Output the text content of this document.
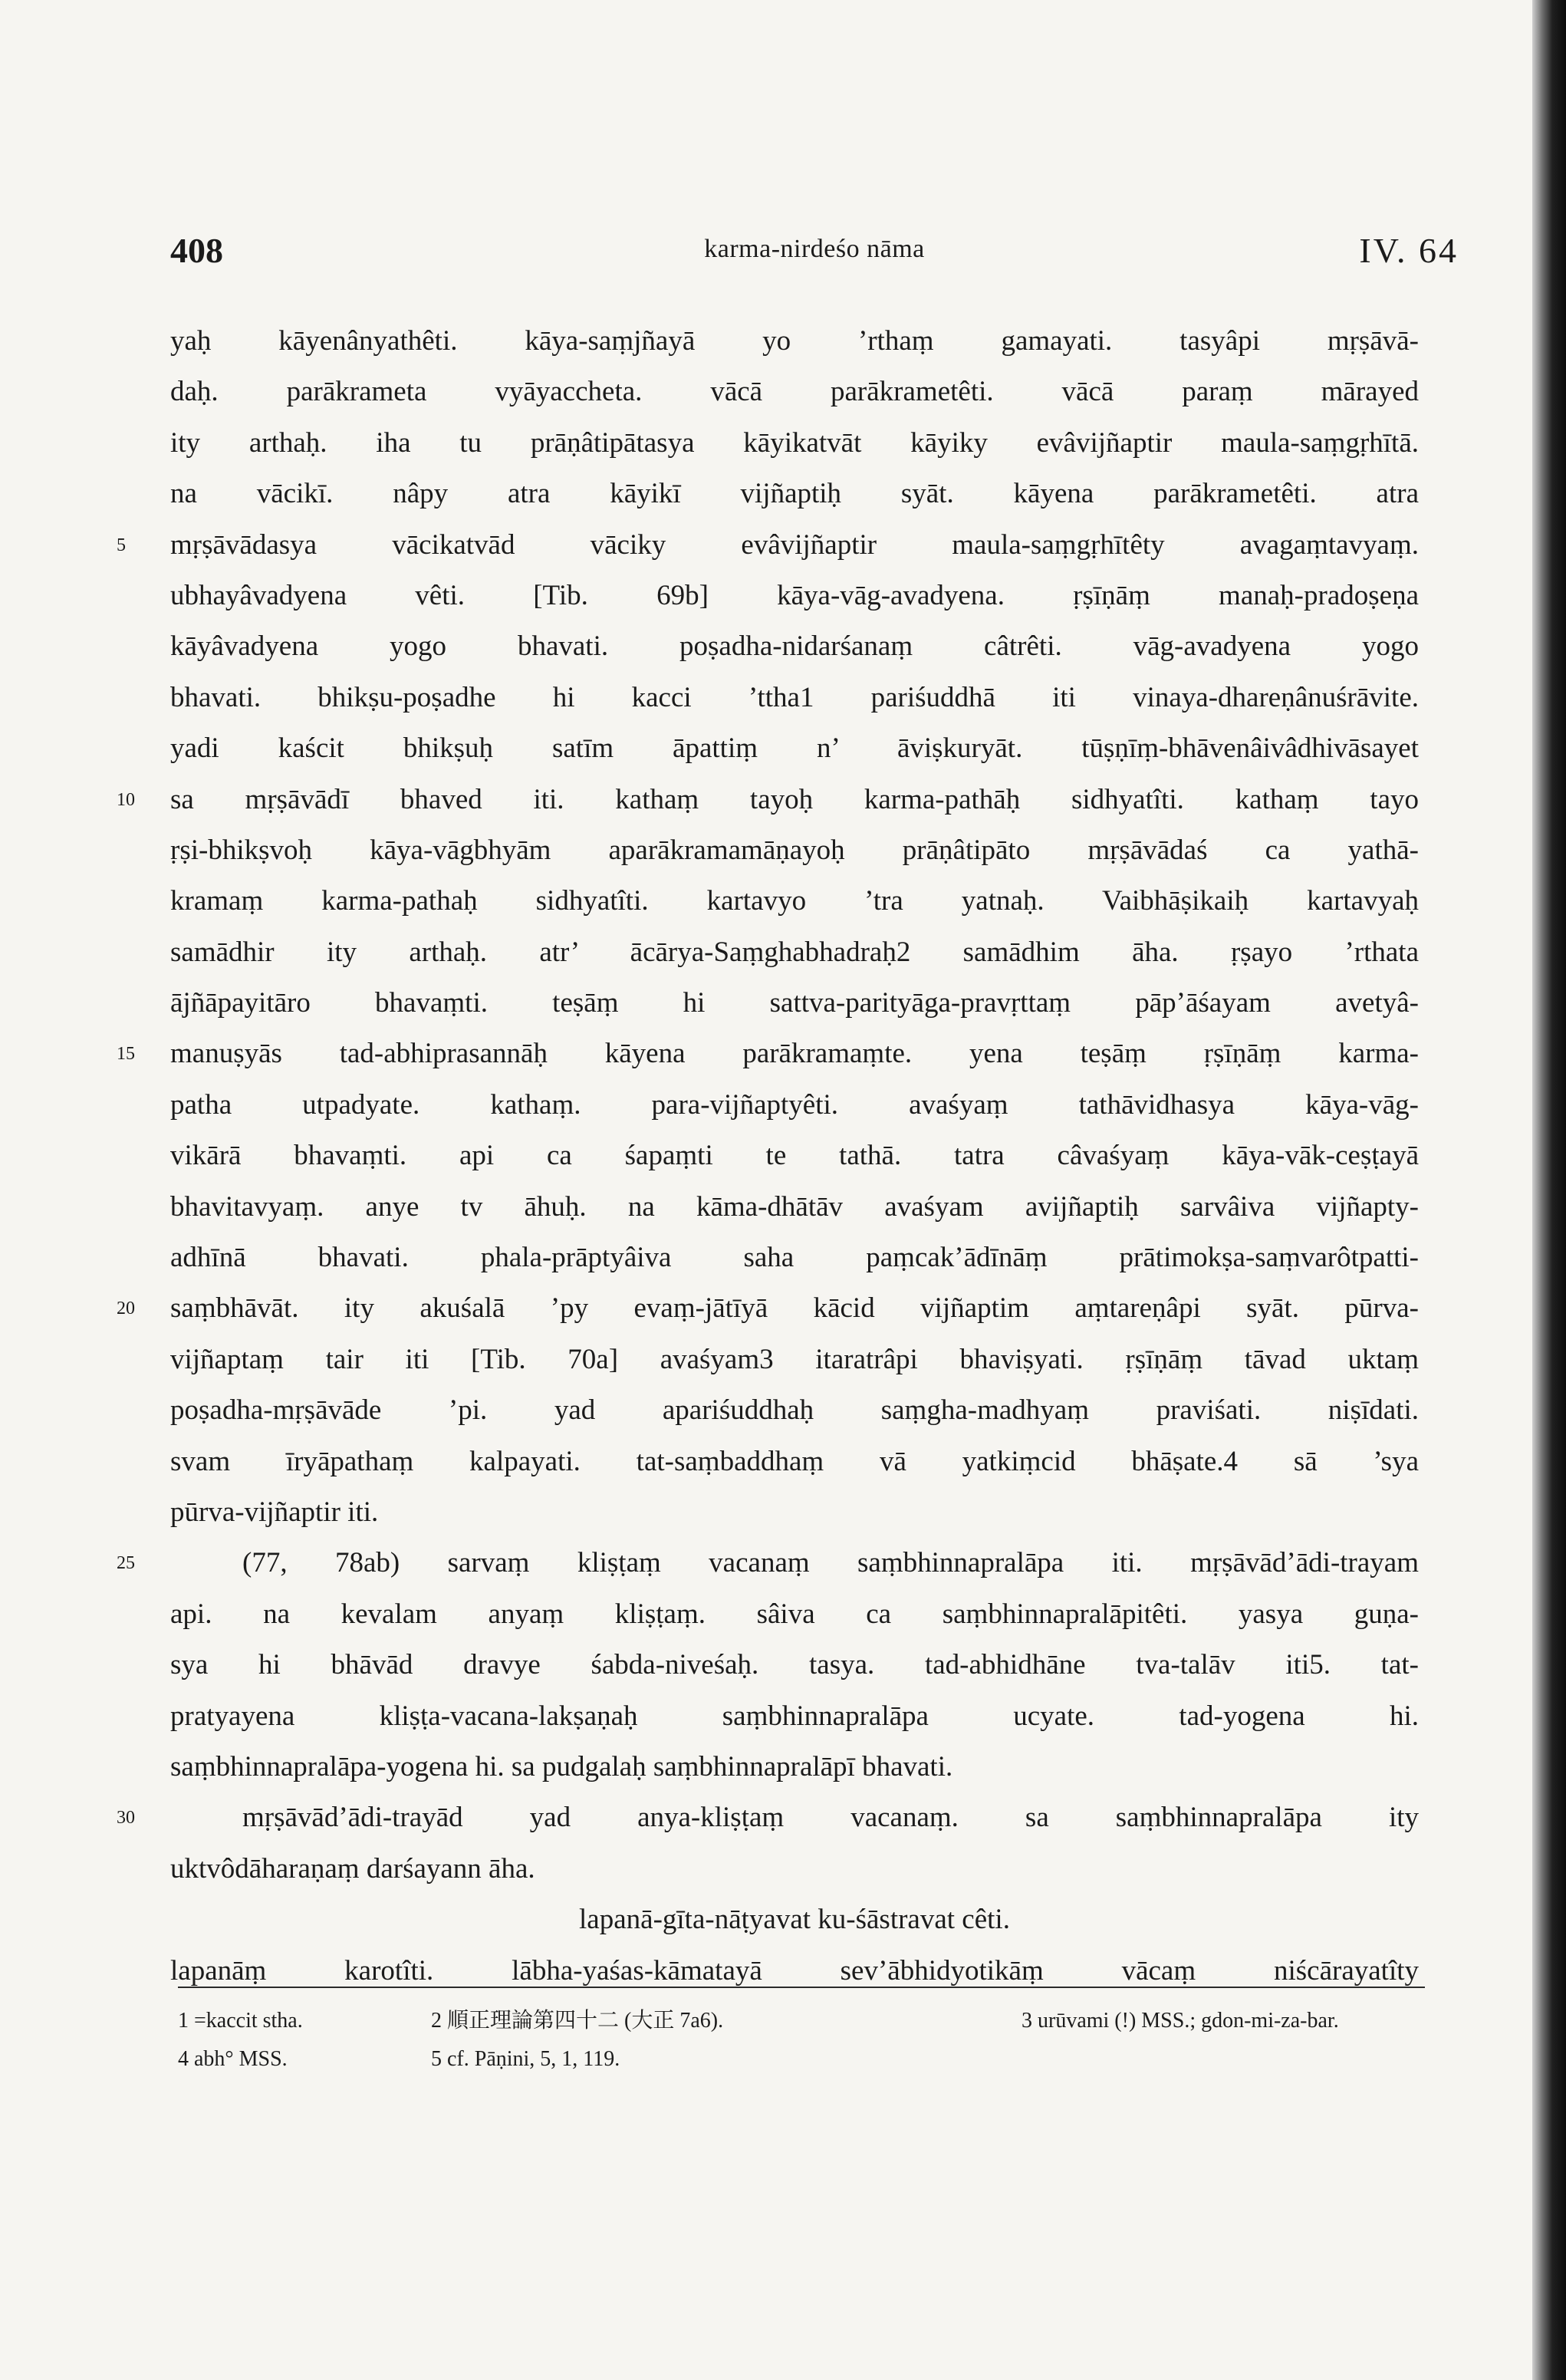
408	karma-nirdeśo nāma	IV. 64
yaḥ kāyenânyathêti. kāya-saṃjñayā yo ’rthaṃ gamayati. tasyâpi mṛṣāvā-
daḥ. parākrameta vyāyaccheta. vācā parākrametêti. vācā paraṃ mārayed
ity arthaḥ. iha tu prāṇâtipātasya kāyikatvāt kāyiky evâvijñaptir maula-saṃgṛhītā.
na vācikī. nâpy atra kāyikī vijñaptiḥ syāt. kāyena parākrametêti. atra
5 mṛṣāvādasya vācikatvād vāciky evâvijñaptir maula-saṃgṛhītêty avagaṃtavyaṃ.
ubhayâvadyena vêti. [Tib. 69b] kāya-vāg-avadyena. ṛṣīṇāṃ manaḥ-pradoṣeṇa
kāyâvadyena yogo bhavati. poṣadha-nidarśanaṃ câtrêti. vāg-avadyena yogo
bhavati. bhikṣu-poṣadhe hi kacci ’ttha1 pariśuddhā iti vinaya-dhareṇânuśrāvite.
yadi kaścit bhikṣuḥ satīm āpattiṃ n’ āviṣkuryāt. tūṣṇīṃ-bhāvenâivâdhivāsayet
10 sa mṛṣāvādī bhaved iti. kathaṃ tayoḥ karma-pathāḥ sidhyatîti. kathaṃ tayo
ṛṣi-bhikṣvoḥ kāya-vāgbhyām aparākramamāṇayoḥ prāṇâtipāto mṛṣāvādaś ca yathā-
kramaṃ karma-pathaḥ sidhyatîti. kartavyo ’tra yatnaḥ. Vaibhāṣikaiḥ kartavyaḥ
samādhir ity arthaḥ. atr’ ācārya-Saṃghabhadraḥ2 samādhim āha. ṛṣayo ’rthata
ājñāpayitāro bhavaṃti. teṣāṃ hi sattva-parityāga-pravṛttaṃ pāp’āśayam avetyâ-
15 manuṣyās tad-abhiprasannāḥ kāyena parākramaṃte. yena teṣāṃ ṛṣīṇāṃ karma-
patha utpadyate. kathaṃ. para-vijñaptyêti. avaśyaṃ tathāvidhasya kāya-vāg-
vikārā bhavaṃti. api ca śapaṃti te tathā. tatra câvaśyaṃ kāya-vāk-ceṣṭayā
bhavitavyaṃ. anye tv āhuḥ. na kāma-dhātāv avaśyam avijñaptiḥ sarvâiva vijñapty-
adhīnā bhavati. phala-prāptyâiva saha paṃcak’ādīnāṃ prātimokṣa-saṃvarôtpatti-
20 saṃbhāvāt. ity akuśalā ’py evaṃ-jātīyā kācid vijñaptim aṃtareṇâpi syāt. pūrva-
vijñaptaṃ tair iti [Tib. 70a] avaśyam3 itaratrâpi bhaviṣyati. ṛṣīṇāṃ tāvad uktaṃ
poṣadha-mṛṣāvāde ’pi. yad apariśuddhaḥ saṃgha-madhyaṃ praviśati. niṣīdati.
svam īryāpathaṃ kalpayati. tat-saṃbaddhaṃ vā yatkiṃcid bhāṣate.4 sā ’sya
pūrva-vijñaptir iti.
25	(77, 78ab) sarvaṃ kliṣṭaṃ vacanaṃ saṃbhinnapralāpa iti. mṛṣāvād’ādi-trayam
api. na kevalam anyaṃ kliṣṭaṃ. sâiva ca saṃbhinnapralāpitêti. yasya guṇa-
sya hi bhāvād dravye śabda-niveśaḥ. tasya. tad-abhidhāne tva-talāv iti5. tat-
pratyayena kliṣṭa-vacana-lakṣaṇaḥ saṃbhinnapralāpa ucyate. tad-yogena hi.
saṃbhinnapralāpa-yogena hi. sa pudgalaḥ saṃbhinnapralāpī bhavati.
30	mṛṣāvād’ādi-trayād yad anya-kliṣṭaṃ vacanaṃ. sa saṃbhinnapralāpa ity
uktvôdāharaṇaṃ darśayann āha.
lapanā-gīta-nāṭyavat ku-śāstravat cêti.
lapanāṃ karotîti. lābha-yaśas-kāmatayā sev’ābhidyotikāṃ vācaṃ niścārayatîty
1 =kaccit stha.	2 順正理論第四十二 (大正 7a6).	3 urūvami (!) MSS.; gdon-mi-za-bar.
4 abh° MSS.	5 cf. Pāṇini, 5, 1, 119.
